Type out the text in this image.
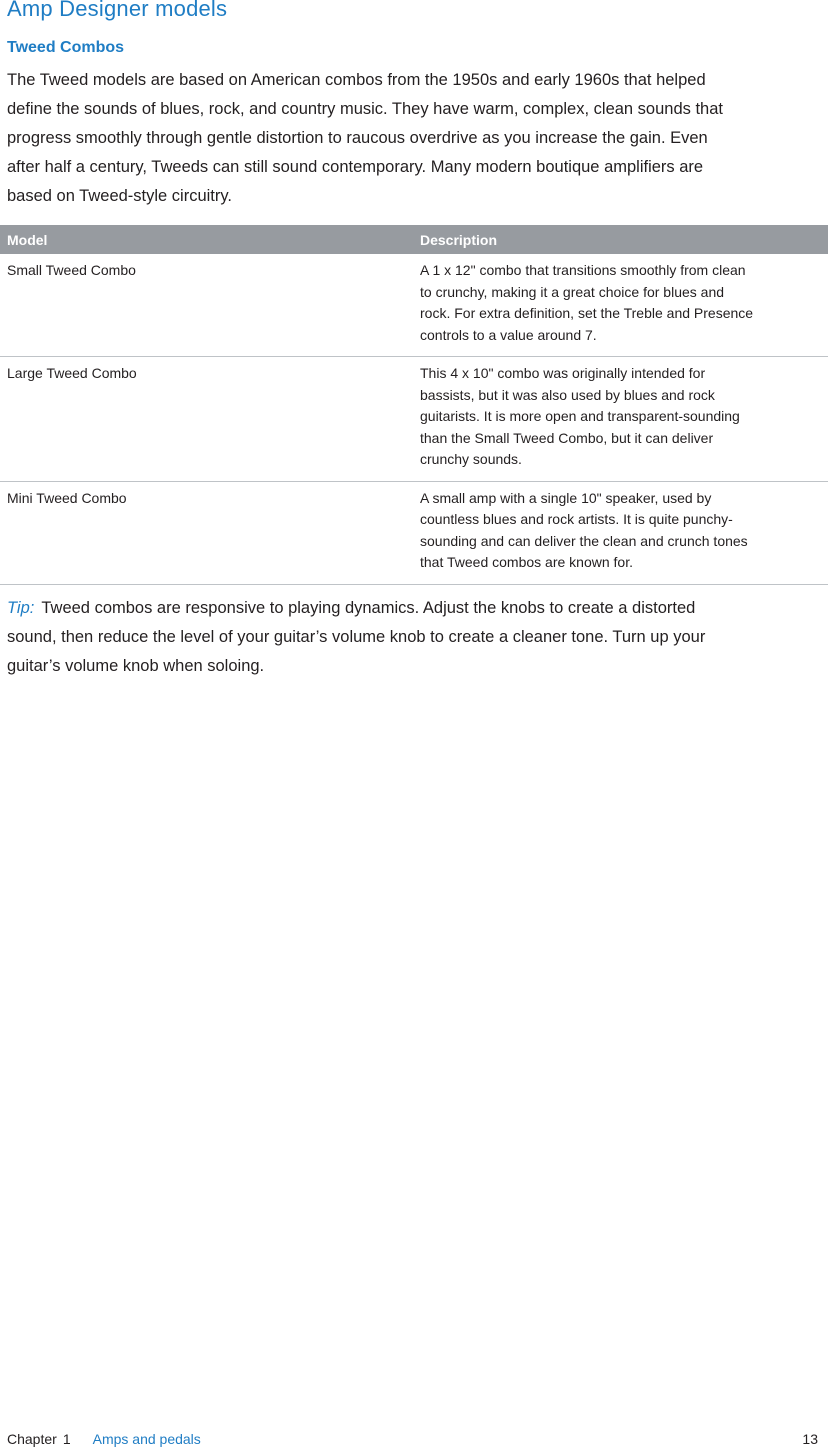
Amp Designer models
Tweed Combos

The Tweed models are based on American combos from the 1950s and early 1960s that helped
deﬁne the sounds of blues, rock, and country music. They have warm, complex, clean sounds that
progress smoothly through gentle distortion to raucous overdrive as you increase the gain. Even
after half a century, Tweeds can still sound contemporary. Many modern boutique ampliﬁers are
based on Tweed-style circuitry.

Model	Description
Small Tweed Combo	A 1 x 12" combo that transitions smoothly from clean
to crunchy, making it a great choice for blues and
rock. For extra deﬁnition, set the Treble and Presence
controls to a value around 7.

Large Tweed Combo	This 4 x 10" combo was originally intended for
bassists, but it was also used by blues and rock
guitarists. It is more open and transparent-sounding
than the Small Tweed Combo, but it can deliver
crunchy sounds.

Mini Tweed Combo	A small amp with a single 10" speaker, used by
countless blues and rock artists. It is quite punchy-
sounding and can deliver the clean and crunch tones
that Tweed combos are known for.

Tip: Tweed combos are responsive to playing dynamics. Adjust the knobs to create a distorted
sound, then reduce the level of your guitar’s volume knob to create a cleaner tone. Turn up your
guitar’s volume knob when soloing.

Chapter 1 Amps and pedals	13
